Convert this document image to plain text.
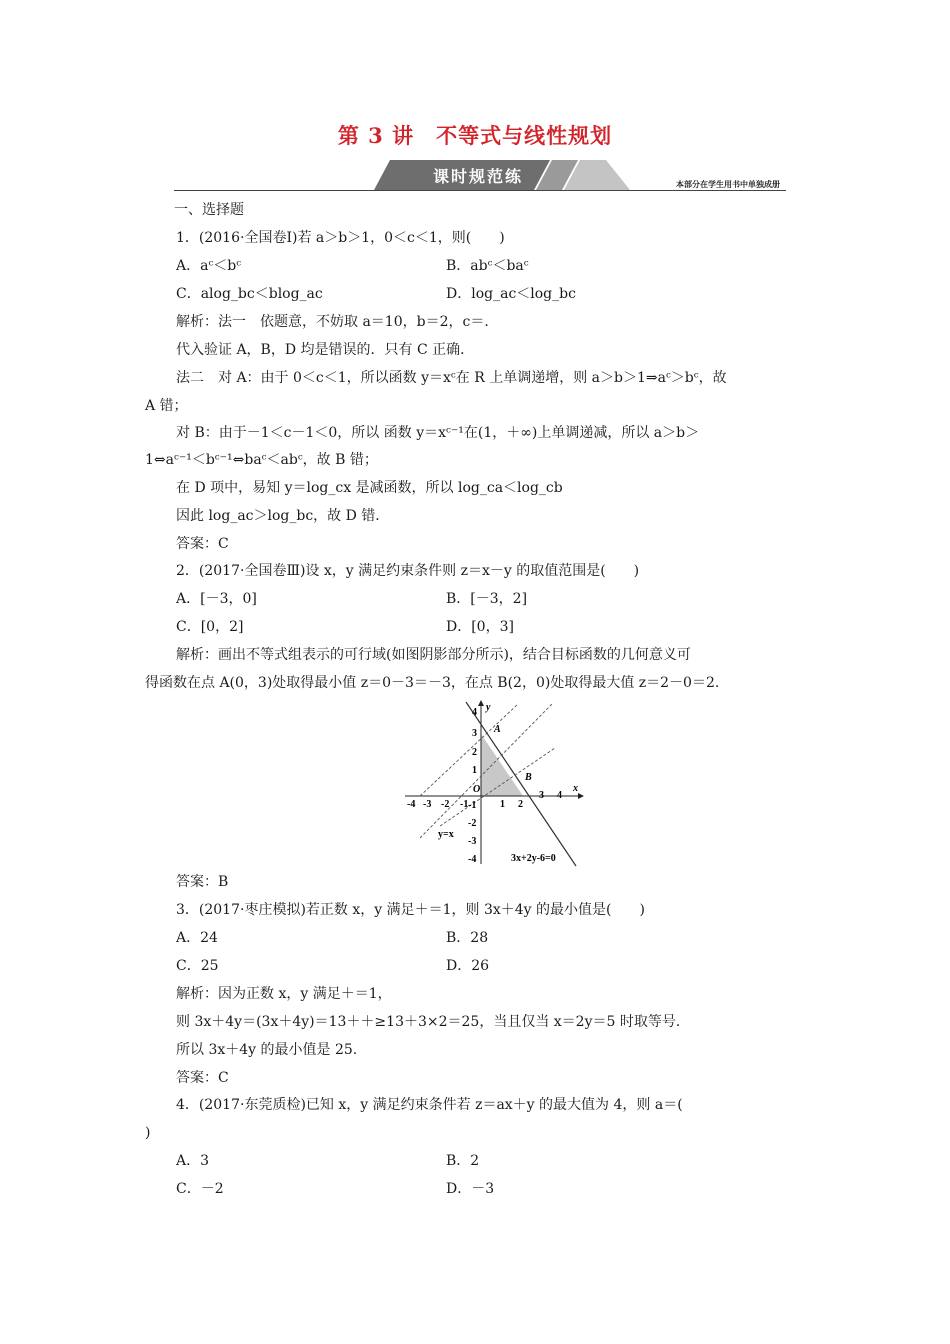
第 3 讲　不等式与线性规划
课时规范练	本部分在学生用书中单独成册
一、选择题
1．(2016·全国卷Ⅰ)若 a＞b＞1，0＜c＜1，则(　　)
A．aᶜ＜bᶜ	B．abᶜ＜baᶜ
C．alog_bc＜blog_ac	D．log_ac＜log_bc
解析：法一　依题意，不妨取 a＝10，b＝2，c＝.
代入验证 A，B，D 均是错误的．只有 C 正确．
法二　对 A：由于 0＜c＜1，所以函数 y＝xᶜ在 R 上单调递增，则 a＞b＞1⇒aᶜ＞bᶜ，故
A 错；
对 B：由于－1＜c－1＜0，所以 函数 y＝xᶜ⁻¹在(1，＋∞)上单调递减，所以 a＞b＞
1⇔aᶜ⁻¹＜bᶜ⁻¹⇔baᶜ＜abᶜ，故 B 错；
在 D 项中，易知 y＝log_cx 是减函数，所以 log_ca＜log_cb
因此 log_ac＞log_bc，故 D 错．
答案：C
2．(2017·全国卷Ⅲ)设 x，y 满足约束条件则 z＝x－y 的取值范围是(　　)
A．[－3，0]	B．[－3，2]
C．[0，2]	D．[0，3]
解析：画出不等式组表示的可行域(如图阴影部分所示)，结合目标函数的几何意义可
得函数在点 A(0，3)处取得最小值 z＝0－3＝－3，在点 B(2，0)处取得最大值 z＝2－0＝2.
x
y
O
-4 -3 -2 -1	1 2
3 4
4
3
2
1
-1
-2
-3
-4
y=x
3x+2y-6=0
A
B
答案：B
3．(2017·枣庄模拟)若正数 x，y 满足＋＝1，则 3x＋4y 的最小值是(　　)
A．24	B．28
C．25	D．26
解析：因为正数 x，y 满足＋＝1，
则 3x＋4y＝(3x＋4y)＝13＋＋≥13＋3×2＝25，当且仅当 x＝2y＝5 时取等号．
所以 3x＋4y 的最小值是 25.
答案：C
4．(2017·东莞质检)已知 x，y 满足约束条件若 z＝ax＋y 的最大值为 4，则 a＝(
)
A．3	B．2
C．－2	D．－3
